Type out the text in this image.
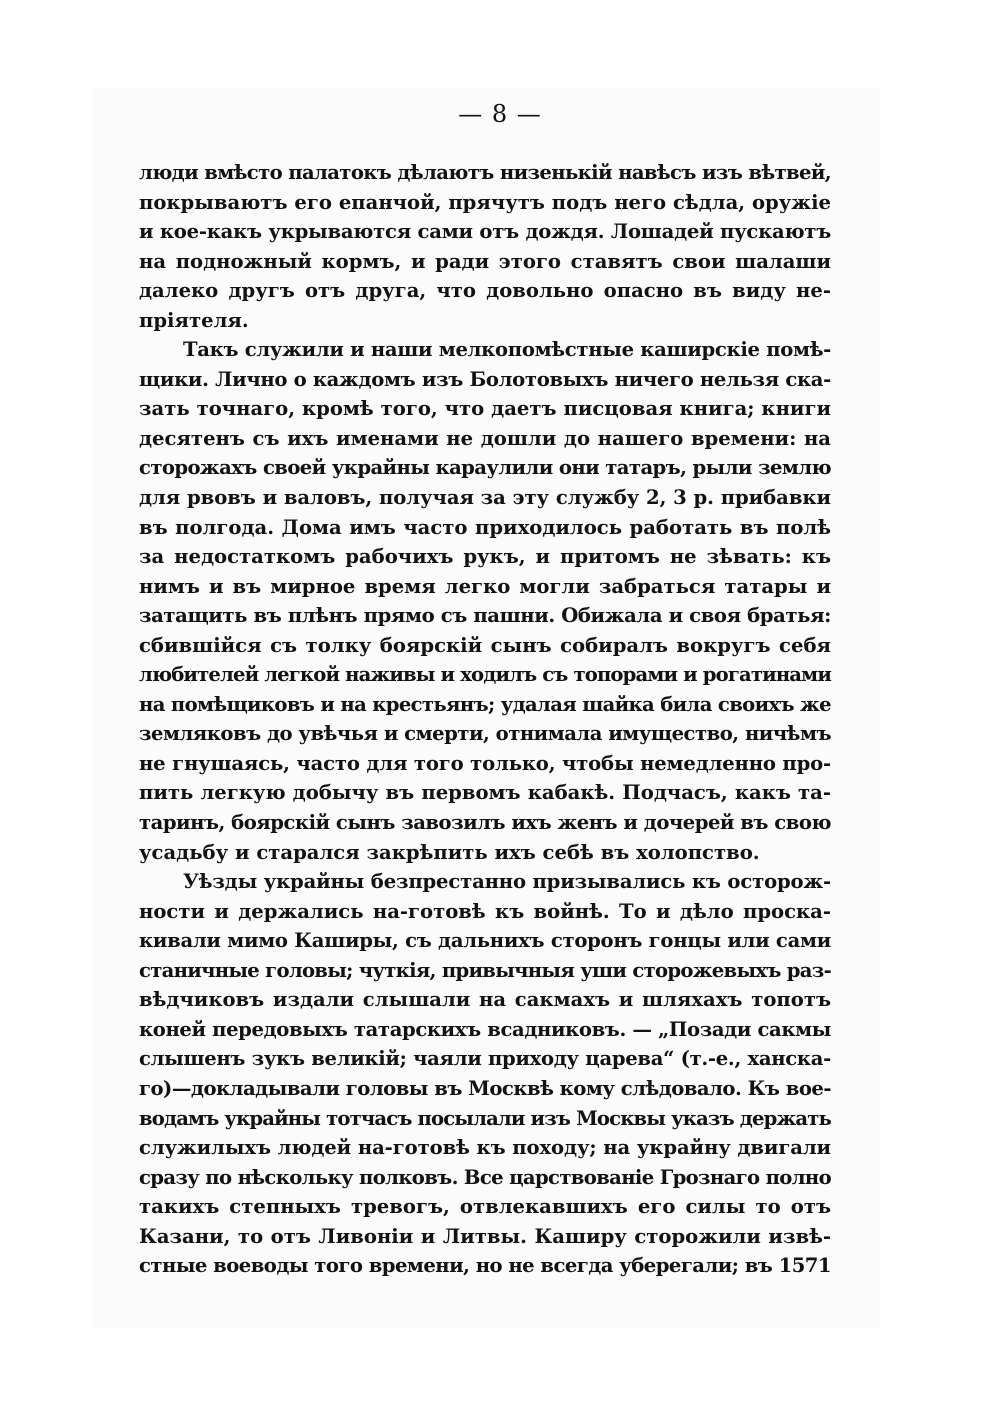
— 8 —
люди вмѣсто палатокъ дѣлаютъ низенькій навѣсъ изъ вѣтвей,
покрываютъ его епанчой, прячутъ подъ него сѣдла, оружіе
и кое-какъ укрываются сами отъ дождя. Лошадей пускаютъ
на подножный кормъ, и ради этого ставятъ свои шалаши
далеко другъ отъ друга, что довольно опасно въ виду не-
пріятеля.
Такъ служили и наши мелкопомѣстные каширскіе помѣ-
щики. Лично о каждомъ изъ Болотовыхъ ничего нельзя ска-
зать точнаго, кромѣ того, что даетъ писцовая книга; книги
десятенъ съ ихъ именами не дошли до нашего времени: на
сторожахъ своей украйны караулили они татаръ, рыли землю
для рвовъ и валовъ, получая за эту службу 2, 3 р. прибавки
въ полгода. Дома имъ часто приходилось работать въ полѣ
за недостаткомъ рабочихъ рукъ, и притомъ не зѣвать: къ
нимъ и въ мирное время легко могли забраться татары и
затащить въ плѣнъ прямо съ пашни. Обижала и своя братья:
сбившійся съ толку боярскій сынъ собиралъ вокругъ себя
любителей легкой наживы и ходилъ съ топорами и рогатинами
на помѣщиковъ и на крестьянъ; удалая шайка била своихъ же
земляковъ до увѣчья и смерти, отнимала имущество, ничѣмъ
не гнушаясь, часто для того только, чтобы немедленно про-
пить легкую добычу въ первомъ кабакѣ. Подчасъ, какъ та-
таринъ, боярскій сынъ завозилъ ихъ женъ и дочерей въ свою
усадьбу и старался закрѣпить ихъ себѣ въ холопство.
Уѣзды украйны безпрестанно призывались къ осторож-
ности и держались на-готовѣ къ войнѣ. То и дѣло проска-
кивали мимо Каширы, съ дальнихъ сторонъ гонцы или сами
станичные головы; чуткія, привычныя уши сторожевыхъ раз-
вѣдчиковъ издали слышали на сакмахъ и шляхахъ топотъ
коней передовыхъ татарскихъ всадниковъ. — „Позади сакмы
слышенъ зукъ великій; чаяли приходу царева“ (т.-е., ханска-
го)—докладывали головы въ Москвѣ кому слѣдовало. Къ вое-
водамъ украйны тотчасъ посылали изъ Москвы указъ держать
служилыхъ людей на-готовѣ къ походу; на украйну двигали
сразу по нѣскольку полковъ. Все царствованіе Грознаго полно
такихъ степныхъ тревогъ, отвлекавшихъ его силы то отъ
Казани, то отъ Ливоніи и Литвы. Каширу сторожили извѣ-
стные воеводы того времени, но не всегда уберегали; въ 1571
